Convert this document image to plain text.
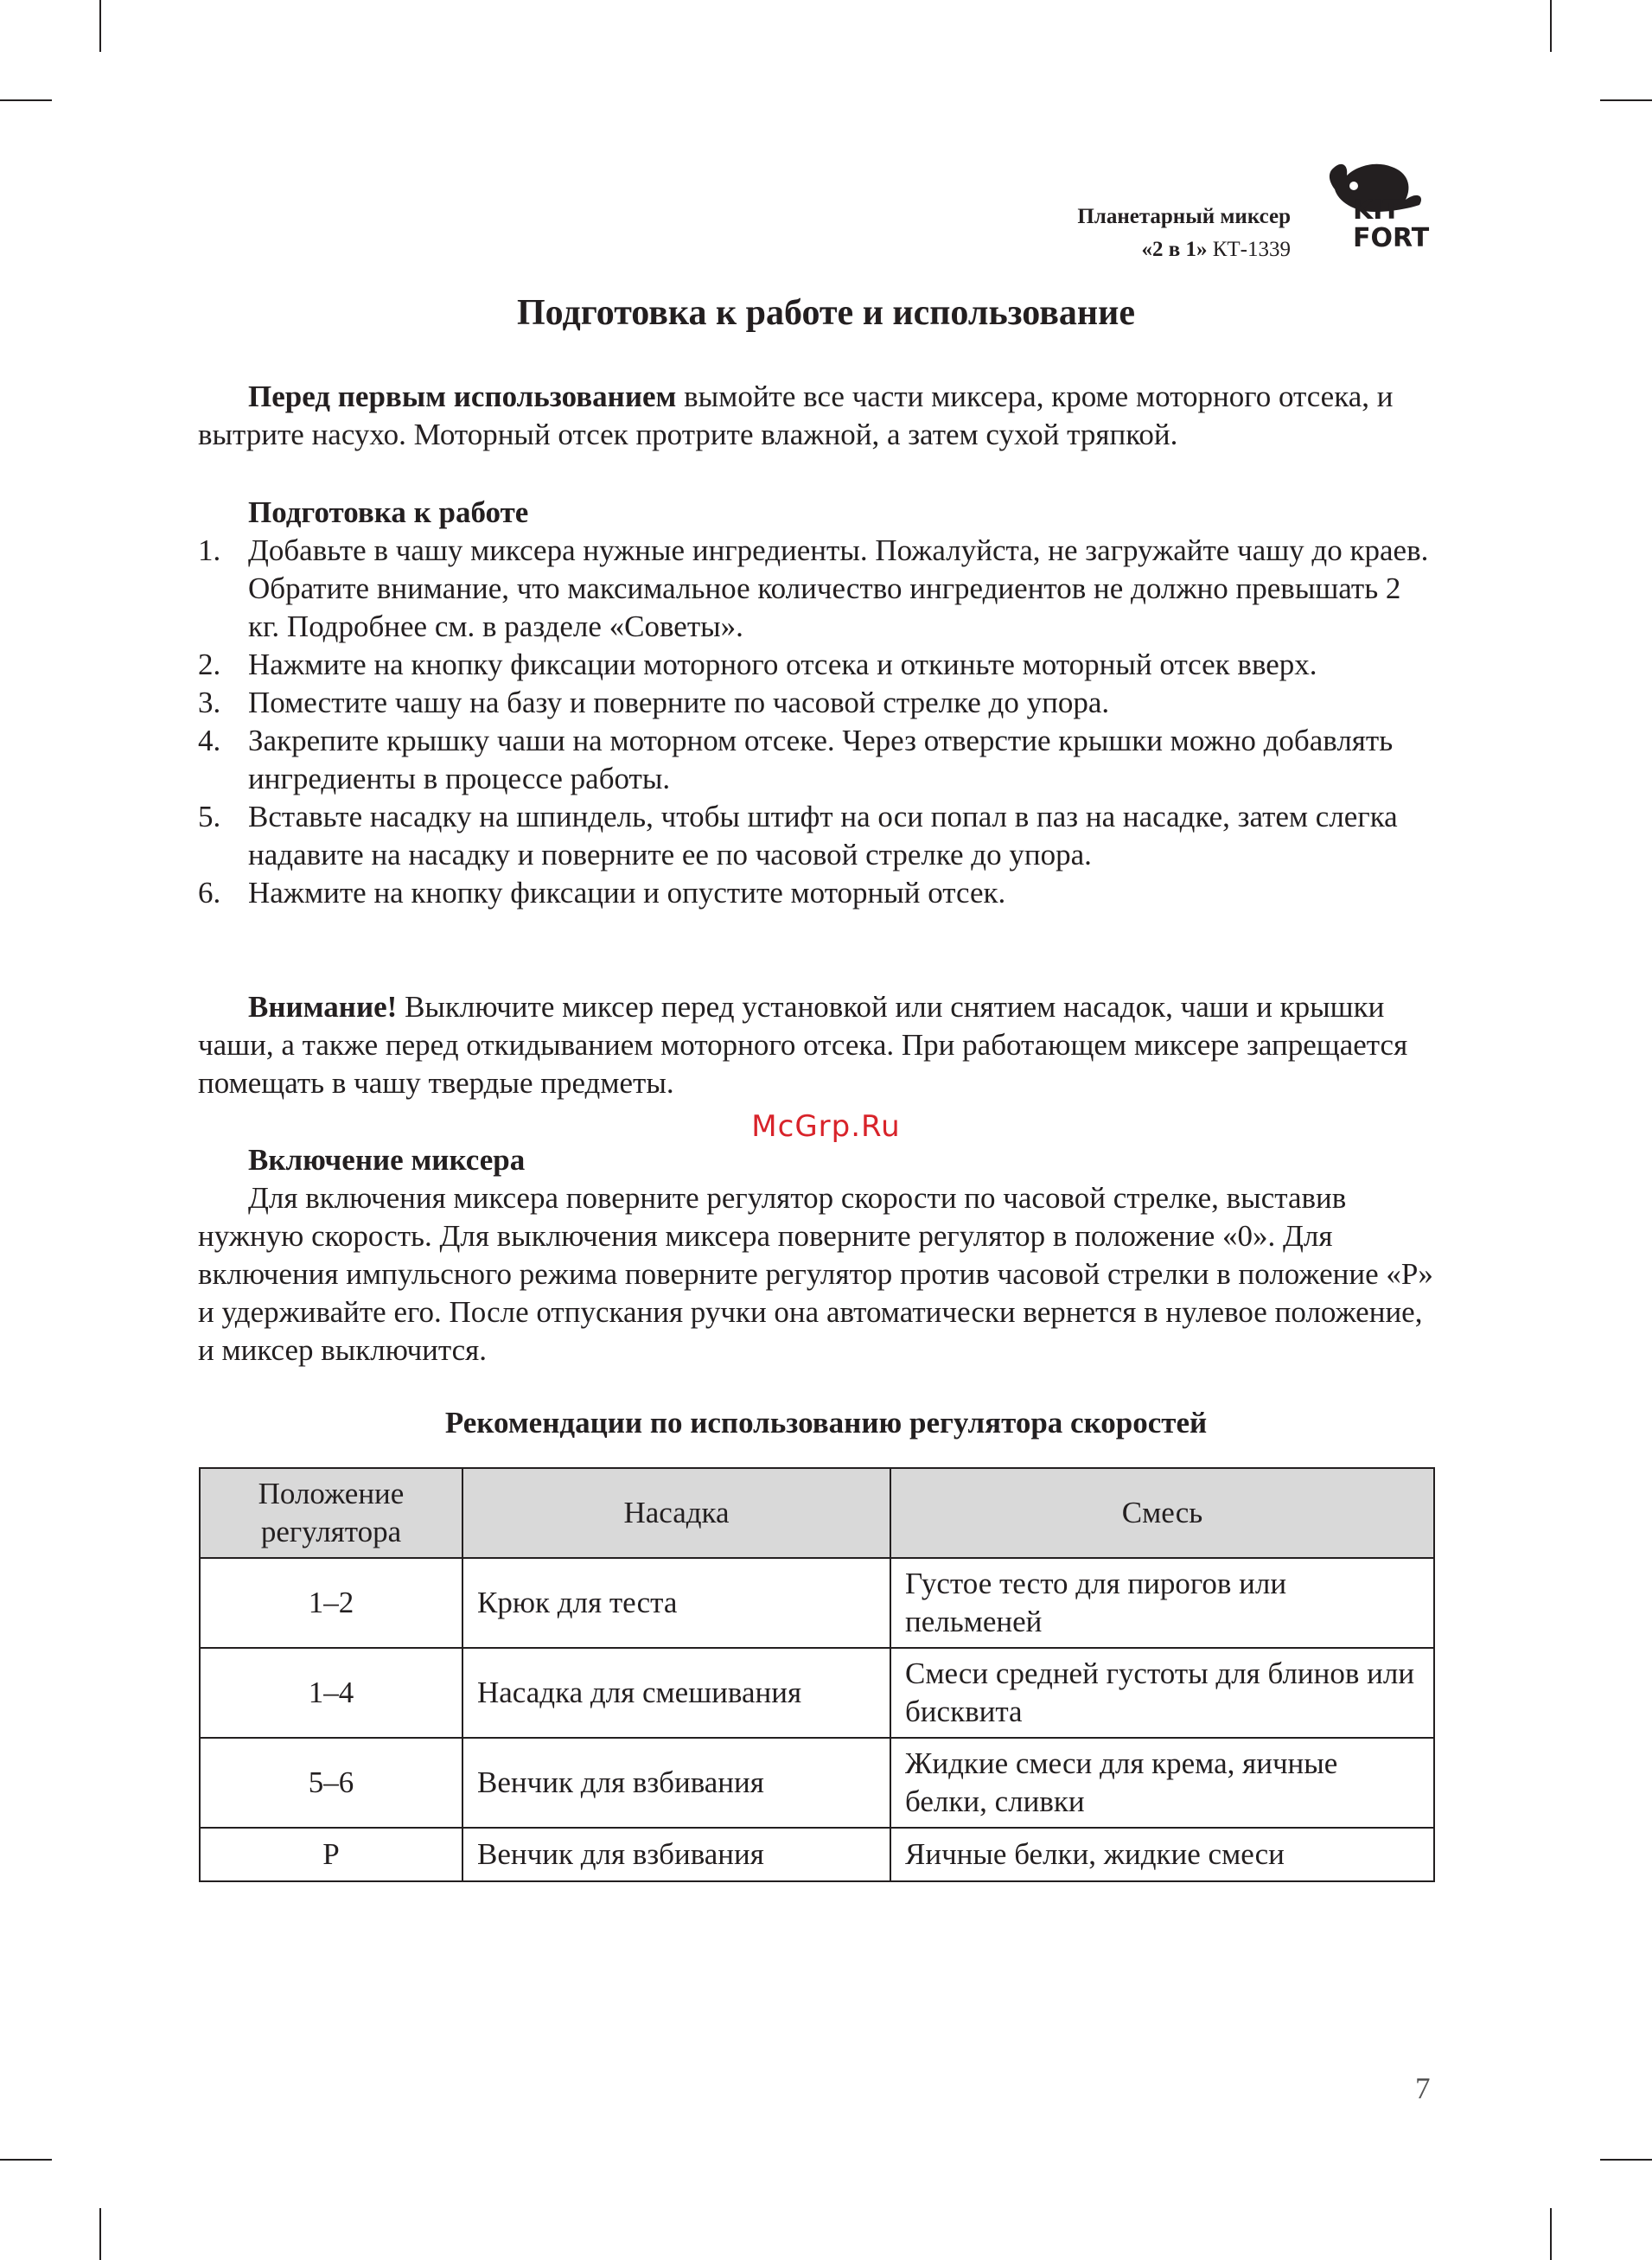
Планетарный миксер
«2 в 1» КТ-1339
KIT
FORT
Подготовка к работе и использование

Перед первым использованием вымойте все части миксера, кроме моторного отсека, и вытрите насухо. Моторный отсек протрите влажной, а затем сухой тряпкой.

Подготовка к работе

1. Добавьте в чашу миксера нужные ингредиенты. Пожалуйста, не загружайте чашу до краев. Обратите внимание, что максимальное количество ингредиентов не должно превышать 2 кг. Подробнее см. в разделе «Советы».
2. Нажмите на кнопку фиксации моторного отсека и откиньте моторный отсек вверх.
3. Поместите чашу на базу и поверните по часовой стрелке до упора.
4. Закрепите крышку чаши на моторном отсеке. Через отверстие крышки можно добавлять ингредиенты в процессе работы.
5. Вставьте насадку на шпиндель, чтобы штифт на оси попал в паз на насадке, затем слегка надавите на насадку и поверните ее по часовой стрелке до упора.
6. Нажмите на кнопку фиксации и опустите моторный отсек.

Внимание! Выключите миксер перед установкой или снятием насадок, чаши и крышки чаши, а также перед откидыванием моторного отсека. При работающем миксере запрещается помещать в чашу твердые предметы.

McGrp.Ru

Включение миксера

Для включения миксера поверните регулятор скорости по часовой стрелке, выставив нужную скорость. Для выключения миксера поверните регулятор в положение «0». Для включения импульсного режима поверните регулятор против часовой стрелки в положение «P» и удерживайте его. После отпускания ручки она автоматически вернется в нулевое положение, и миксер выключится.

Рекомендации по использованию регулятора скоростей
Положение регулятора	Насадка	Смесь
1–2	Крюк для теста	Густое тесто для пирогов или пельменей
1–4	Насадка для смешивания	Смеси средней густоты для блинов или бисквита
5–6	Венчик для взбивания	Жидкие смеси для крема, яичные белки, сливки
P	Венчик для взбивания	Яичные белки, жидкие смеси
7
